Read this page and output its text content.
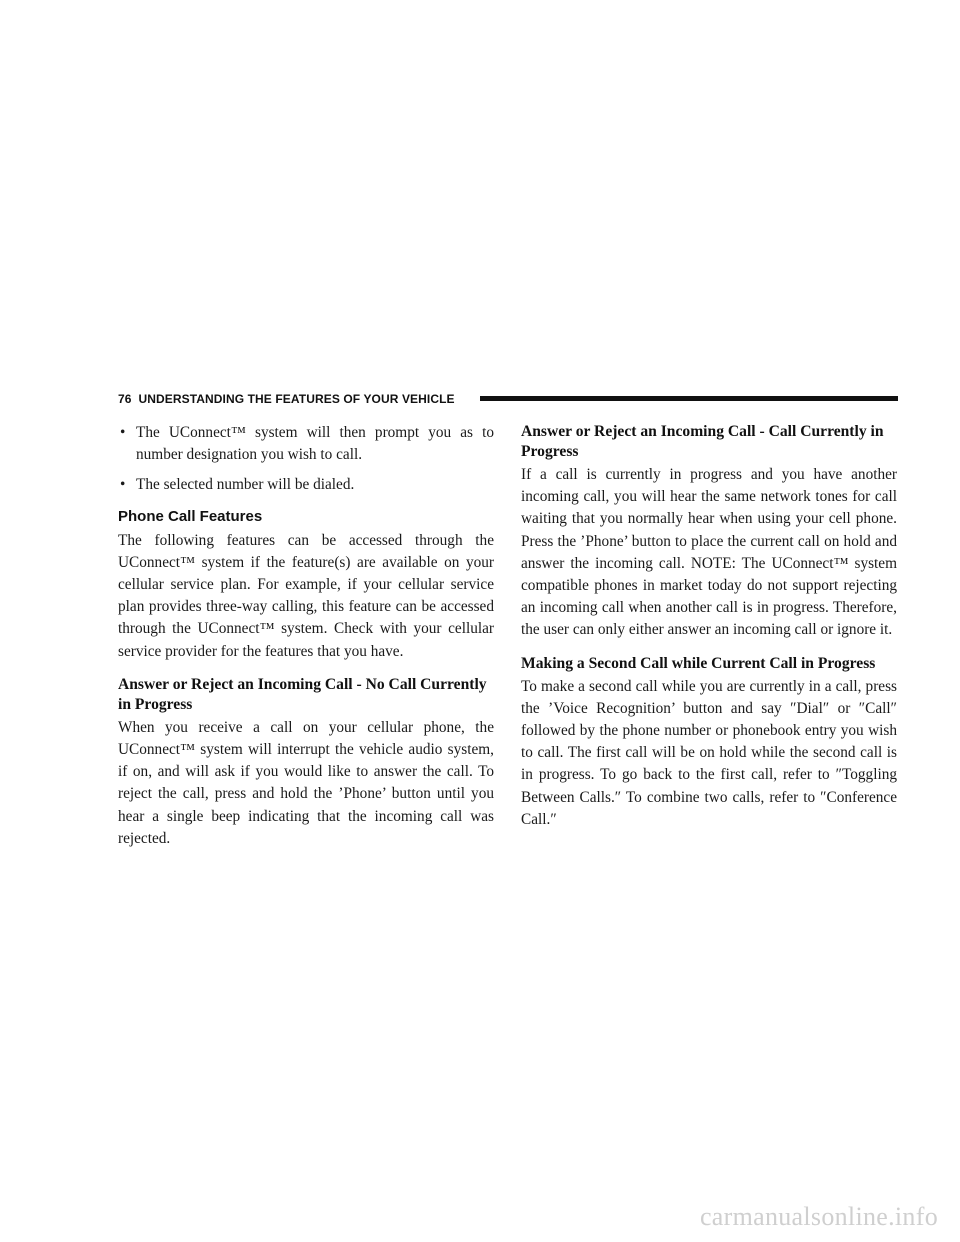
76 UNDERSTANDING THE FEATURES OF YOUR VEHICLE
• The UConnect™ system will then prompt you as to number designation you wish to call.
• The selected number will be dialed.
Phone Call Features
The following features can be accessed through the UConnect™ system if the feature(s) are available on your cellular service plan. For example, if your cellular service plan provides three-way calling, this feature can be accessed through the UConnect™ system. Check with your cellular service provider for the features that you have.
Answer or Reject an Incoming Call - No Call Currently in Progress
When you receive a call on your cellular phone, the UConnect™ system will interrupt the vehicle audio system, if on, and will ask if you would like to answer the call. To reject the call, press and hold the ’Phone’ button until you hear a single beep indicating that the incoming call was rejected.
Answer or Reject an Incoming Call - Call Currently in Progress
If a call is currently in progress and you have another incoming call, you will hear the same network tones for call waiting that you normally hear when using your cell phone. Press the ’Phone’ button to place the current call on hold and answer the incoming call. NOTE: The UConnect™ system compatible phones in market today do not support rejecting an incoming call when another call is in progress. Therefore, the user can only either answer an incoming call or ignore it.
Making a Second Call while Current Call in Progress
To make a second call while you are currently in a call, press the ’Voice Recognition’ button and say ″Dial″ or ″Call″ followed by the phone number or phonebook entry you wish to call. The first call will be on hold while the second call is in progress. To go back to the first call, refer to ″Toggling Between Calls.″ To combine two calls, refer to ″Conference Call.″
carmanualsonline.info
